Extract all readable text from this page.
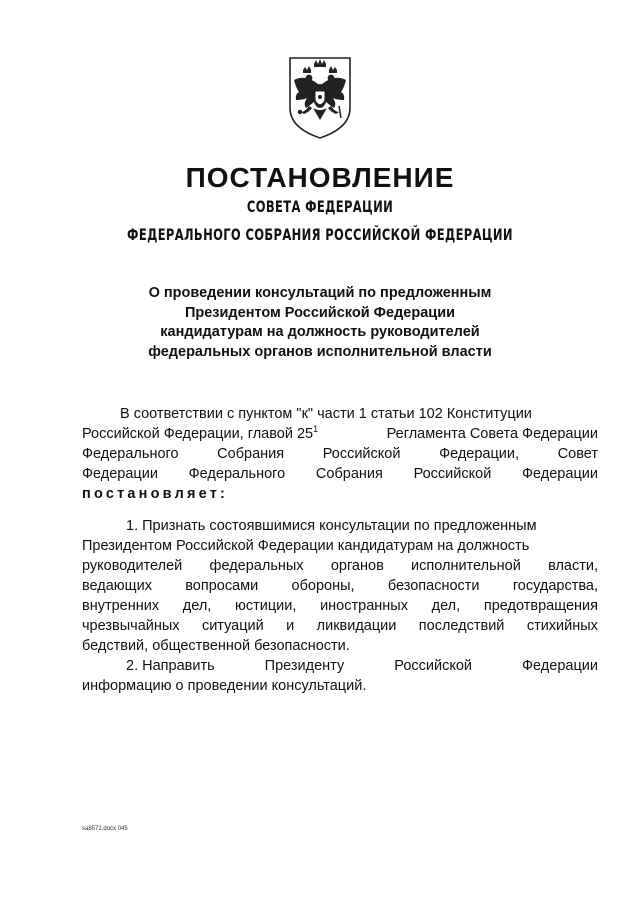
ПОСТАНОВЛЕНИЕ
СОВЕТА ФЕДЕРАЦИИ
ФЕДЕРАЛЬНОГО СОБРАНИЯ РОССИЙСКОЙ ФЕДЕРАЦИИ
О проведении консультаций по предложенным
Президентом Российской Федерации
кандидатурам на должность руководителей
федеральных органов исполнительной власти
В соответствии с пунктом "к" части 1 статьи 102 Конституции
Российской Федерации, главой $25^1$	Регламента Совета Федерации
Федерального	Собрания	Российской	Федерации,	Совет
Федерации Федерального Собрания Российской Федерации
постановляет:
1. Признать состоявшимися консультации по предложенным
Президентом Российской Федерации кандидатурам на должность
руководителей федеральных органов исполнительной власти,
ведающих вопросами обороны, безопасности государства,
внутренних дел, юстиции, иностранных дел, предотвращения
чрезвычайных ситуаций и ликвидации последствий стихийных
бедствий, общественной безопасности.
2. Направить	Президенту	Российской	Федерации
информацию о проведении консультаций.
sa8571.docx 045
